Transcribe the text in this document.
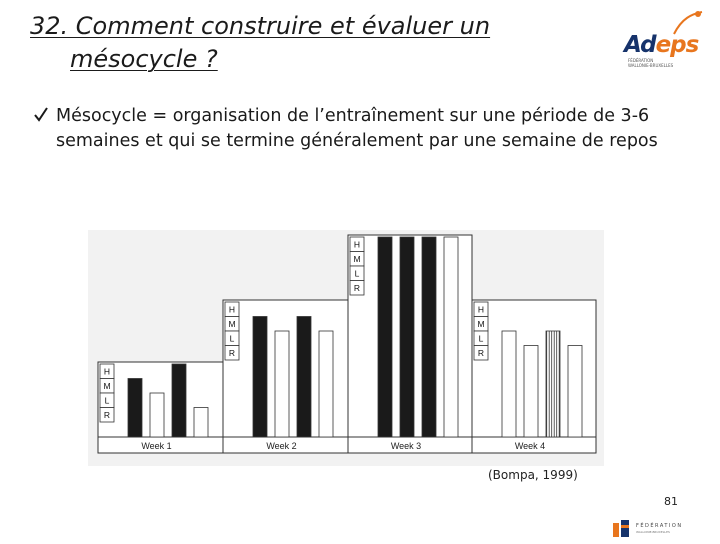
32. Comment construire et évaluer un
mésocycle ?	Adeps
FÉDÉRATION
WALLONIE-BRUXELLES
Mésocycle = organisation de l’entraînement sur une période de 3-6 semaines et qui se termine généralement par une semaine de repos
Week 1
H
M
L
R
Week 2
H
M
L
R
Week 3
H
M
L
R
Week 4
H
M
L
R
(Bompa, 1999)
81
FÉDÉRATION
WALLONIE-BRUXELLES
